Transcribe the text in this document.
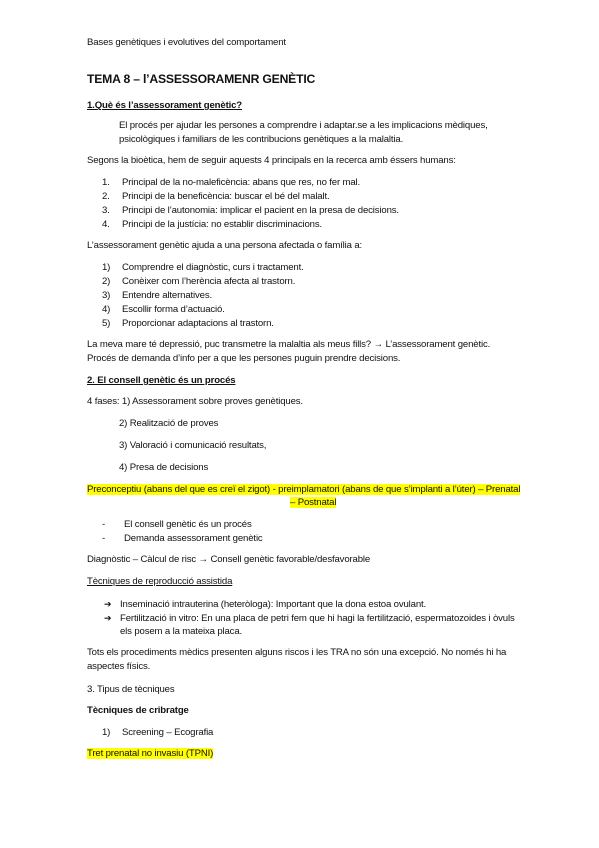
Bases genètiques i evolutives del comportament
TEMA 8 – l’ASSESSORAMENR GENÈTIC
1.Què és l’assessorament genètic?
El procés per ajudar les persones a comprendre i adaptar.se a les implicacions mèdiques,
psicològiques i familiars de les contribucions genètiques a la malaltia.
Segons la bioètica, hem de seguir aquests 4 principals en la recerca amb éssers humans:
1. Principal de la no-maleficència: abans que res, no fer mal.
2. Principi de la beneficència: buscar el bé del malalt.
3. Principi de l’autonomia: implicar el pacient en la presa de decisions.
4. Principi de la justícia: no establir discriminacions.
L’assessorament genètic ajuda a una persona afectada o família a:
1) Comprendre el diagnòstic, curs i tractament.
2) Conèixer com l’herència afecta al trastorn.
3) Entendre alternatives.
4) Escollir forma d’actuació.
5) Proporcionar adaptacions al trastorn.
La meva mare té depressió, puc transmetre la malaltia als meus fills? → L’assessorament genètic.
Procés de demanda d’info per a que les persones puguin prendre decisions.
2. El consell genètic és un procés
4 fases: 1) Assessorament sobre proves genètiques.
2) Realització de proves
3) Valoració i comunicació resultats,
4) Presa de decisions
Preconceptiu (abans del que es creï el zigot) - preimplamatori (abans de que s’implanti a l’úter) – Prenatal
– Postnatal
- El consell genètic és un procés
- Demanda assessorament genètic
Diagnòstic – Càlcul de risc → Consell genètic favorable/desfavorable
Tècniques de reproducció assistida
➔ Inseminació intrauterina (heteròloga): Important que la dona estoa ovulant.
➔ Fertilització in vitro: En una placa de petri fem que hi hagi la fertilització, espermatozoides i òvuls
els posem a la mateixa placa.
Tots els procediments mèdics presenten alguns riscos i les TRA no són una excepció. No només hi ha
aspectes físics.
3. Tipus de tècniques
Tècniques de cribratge
1) Screening – Ecografia
Tret prenatal no invasiu (TPNI)
